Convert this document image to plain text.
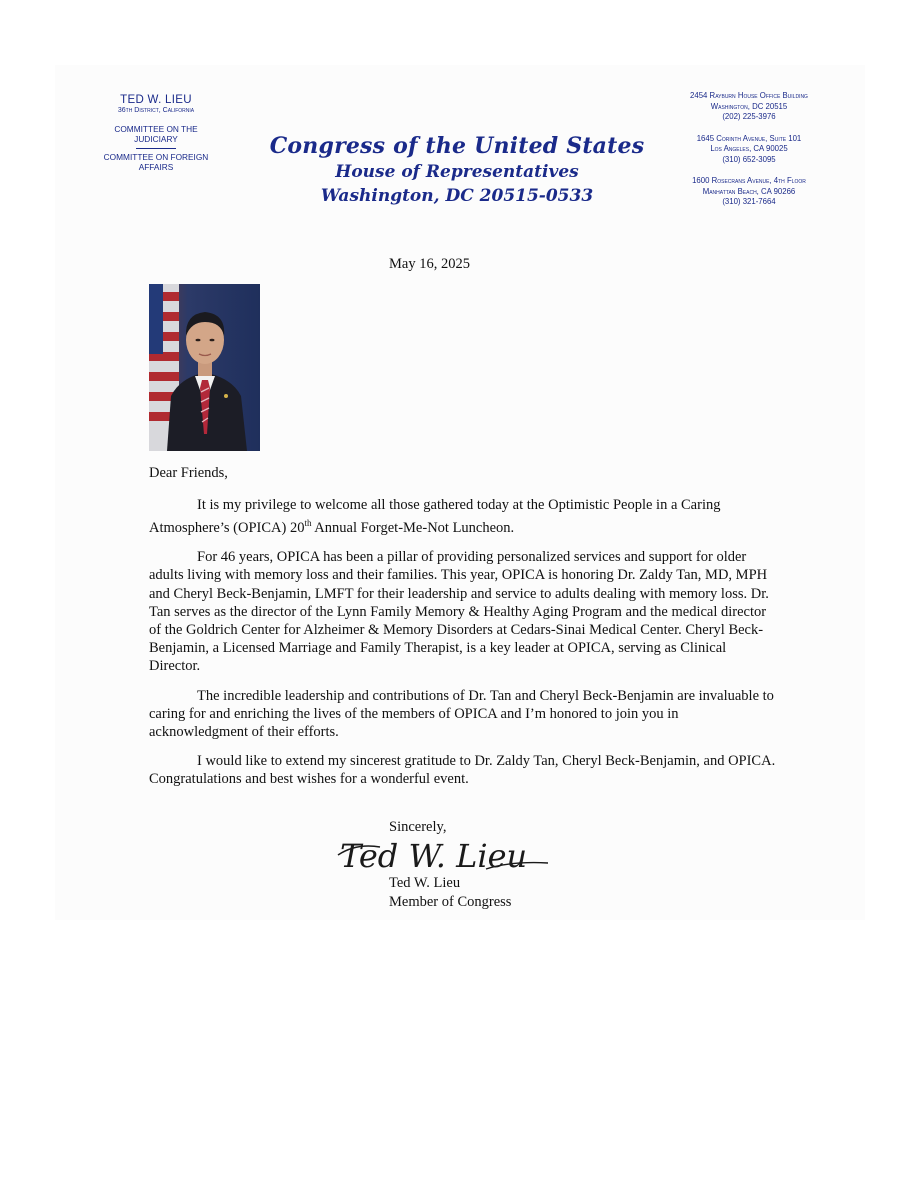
TED W. LIEU
36th District, California
COMMITTEE ON THE JUDICIARY
COMMITTEE ON FOREIGN AFFAIRS
Congress of the United States
House of Representatives
Washington, DC 20515-0533
2454 Rayburn House Office Building
Washington, DC 20515
(202) 225-3976
1645 Corinth Avenue, Suite 101
Los Angeles, CA 90025
(310) 652-3095
1600 Rosecrans Avenue, 4th Floor
Manhattan Beach, CA 90266
(310) 321-7664
May 16, 2025
Dear Friends,

It is my privilege to welcome all those gathered today at the Optimistic People in a Caring Atmosphere’s (OPICA) 20th Annual Forget-Me-Not Luncheon.

For 46 years, OPICA has been a pillar of providing personalized services and support for older adults living with memory loss and their families. This year, OPICA is honoring Dr. Zaldy Tan, MD, MPH and Cheryl Beck-Benjamin, LMFT for their leadership and service to adults dealing with memory loss. Dr. Tan serves as the director of the Lynn Family Memory & Healthy Aging Program and the medical director of the Goldrich Center for Alzheimer & Memory Disorders at Cedars-Sinai Medical Center. Cheryl Beck-Benjamin, a Licensed Marriage and Family Therapist, is a key leader at OPICA, serving as Clinical Director.

The incredible leadership and contributions of Dr. Tan and Cheryl Beck-Benjamin are invaluable to caring for and enriching the lives of the members of OPICA and I’m honored to join you in acknowledgment of their efforts.

I would like to extend my sincerest gratitude to Dr. Zaldy Tan, Cheryl Beck-Benjamin, and OPICA. Congratulations and best wishes for a wonderful event.

Sincerely,
Ted W. Lieu
Ted W. Lieu
Member of Congress
